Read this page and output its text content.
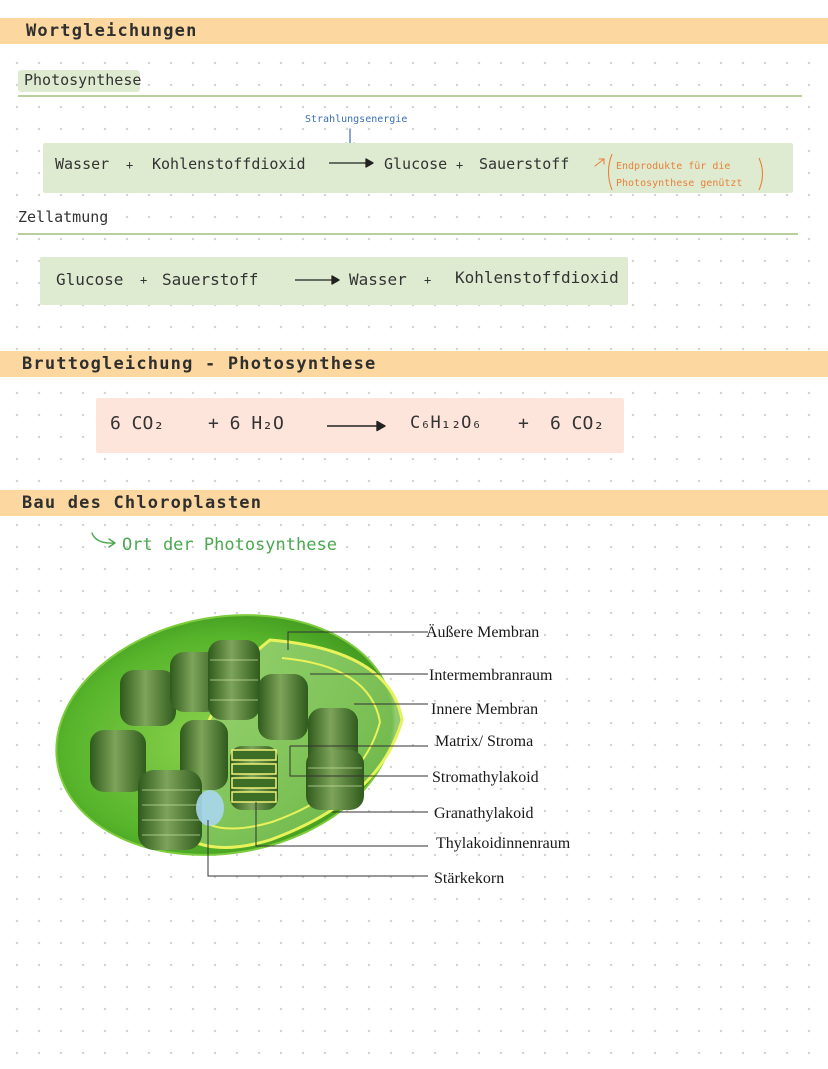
Wortgleichungen
Photosynthese
Strahlungsenergie
Wasser + Kohlenstoffdioxid	Glucose + Sauerstoff	Endprodukte für die
Photosynthese genützt
Zellatmung
Glucose + Sauerstoff	Wasser + Kohlenstoffdioxid
Bruttogleichung - Photosynthese
6 CO₂ + 6 H₂O	C₆H₁₂O₆ + 6 CO₂
Bau des Chloroplasten
Ort der Photosynthese
Äußere Membran
Intermembranraum
Innere Membran
Matrix/ Stroma
Stromathylakoid
Granathylakoid
Thylakoidinnenraum
Stärkekorn
